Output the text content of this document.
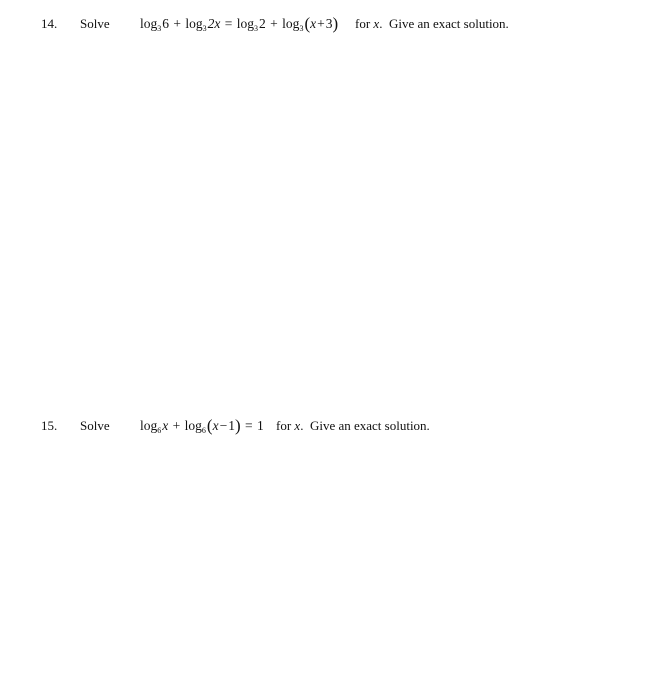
14. Solve $\log_36 + \log_32x = \log_32 + \log_3(x+3)$ for x.  Give an exact solution.
15. Solve $\log_6x + \log_6(x-1) = 1$ for x.  Give an exact solution.
